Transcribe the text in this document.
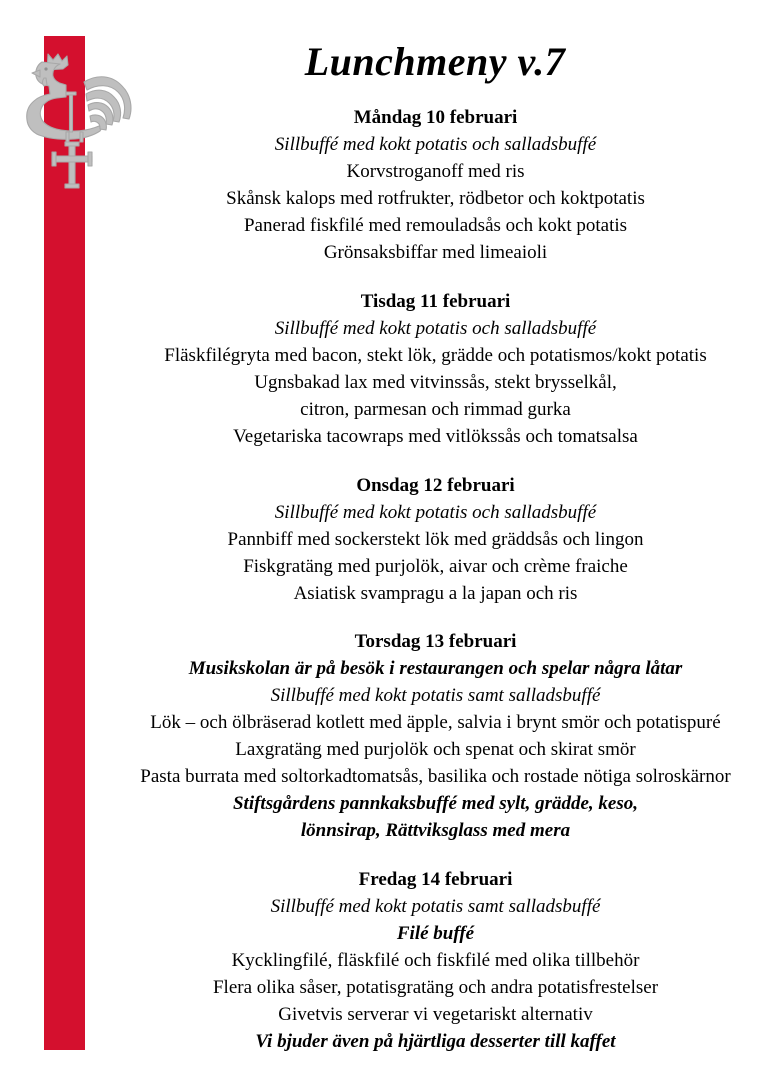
Lunchmeny v.7
Måndag 10 februari
Sillbuffé med kokt potatis och salladsbuffé
Korvstroganoff med ris
Skånsk kalops med rotfrukter, rödbetor och koktpotatis
Panerad fiskfilé med remouladsås och kokt potatis
Grönsaksbiffar med limeaioli
Tisdag 11 februari
Sillbuffé med kokt potatis och salladsbuffé
Fläskfilégryta med bacon, stekt lök, grädde och potatismos/kokt potatis
Ugnsbakad lax med vitvinssås, stekt brysselkål,
citron, parmesan och rimmad gurka
Vegetariska tacowraps med vitlökssås och tomatsalsa
Onsdag 12 februari
Sillbuffé med kokt potatis och salladsbuffé
Pannbiff med sockerstekt lök med gräddsås och lingon
Fiskgratäng med purjolök, aivar och crème fraiche
Asiatisk svampragu a la japan och ris
Torsdag 13 februari
Musikskolan är på besök i restaurangen och spelar några låtar
Sillbuffé med kokt potatis samt salladsbuffé
Lök – och ölbräserad kotlett med äpple, salvia i brynt smör och potatispuré
Laxgratäng med purjolök och spenat och skirat smör
Pasta burrata med soltorkadtomatsås, basilika och rostade nötiga solroskärnor
Stiftsgårdens pannkaksbuffé med sylt, grädde, keso,
lönnsirap, Rättviksglass med mera
Fredag 14 februari
Sillbuffé med kokt potatis samt salladsbuffé
Filé buffé
Kycklingfilé, fläskfilé och fiskfilé med olika tillbehör
Flera olika såser, potatisgratäng och andra potatisfrestelser
Givetvis serverar vi vegetariskt alternativ
Vi bjuder även på hjärtliga desserter till kaffet
